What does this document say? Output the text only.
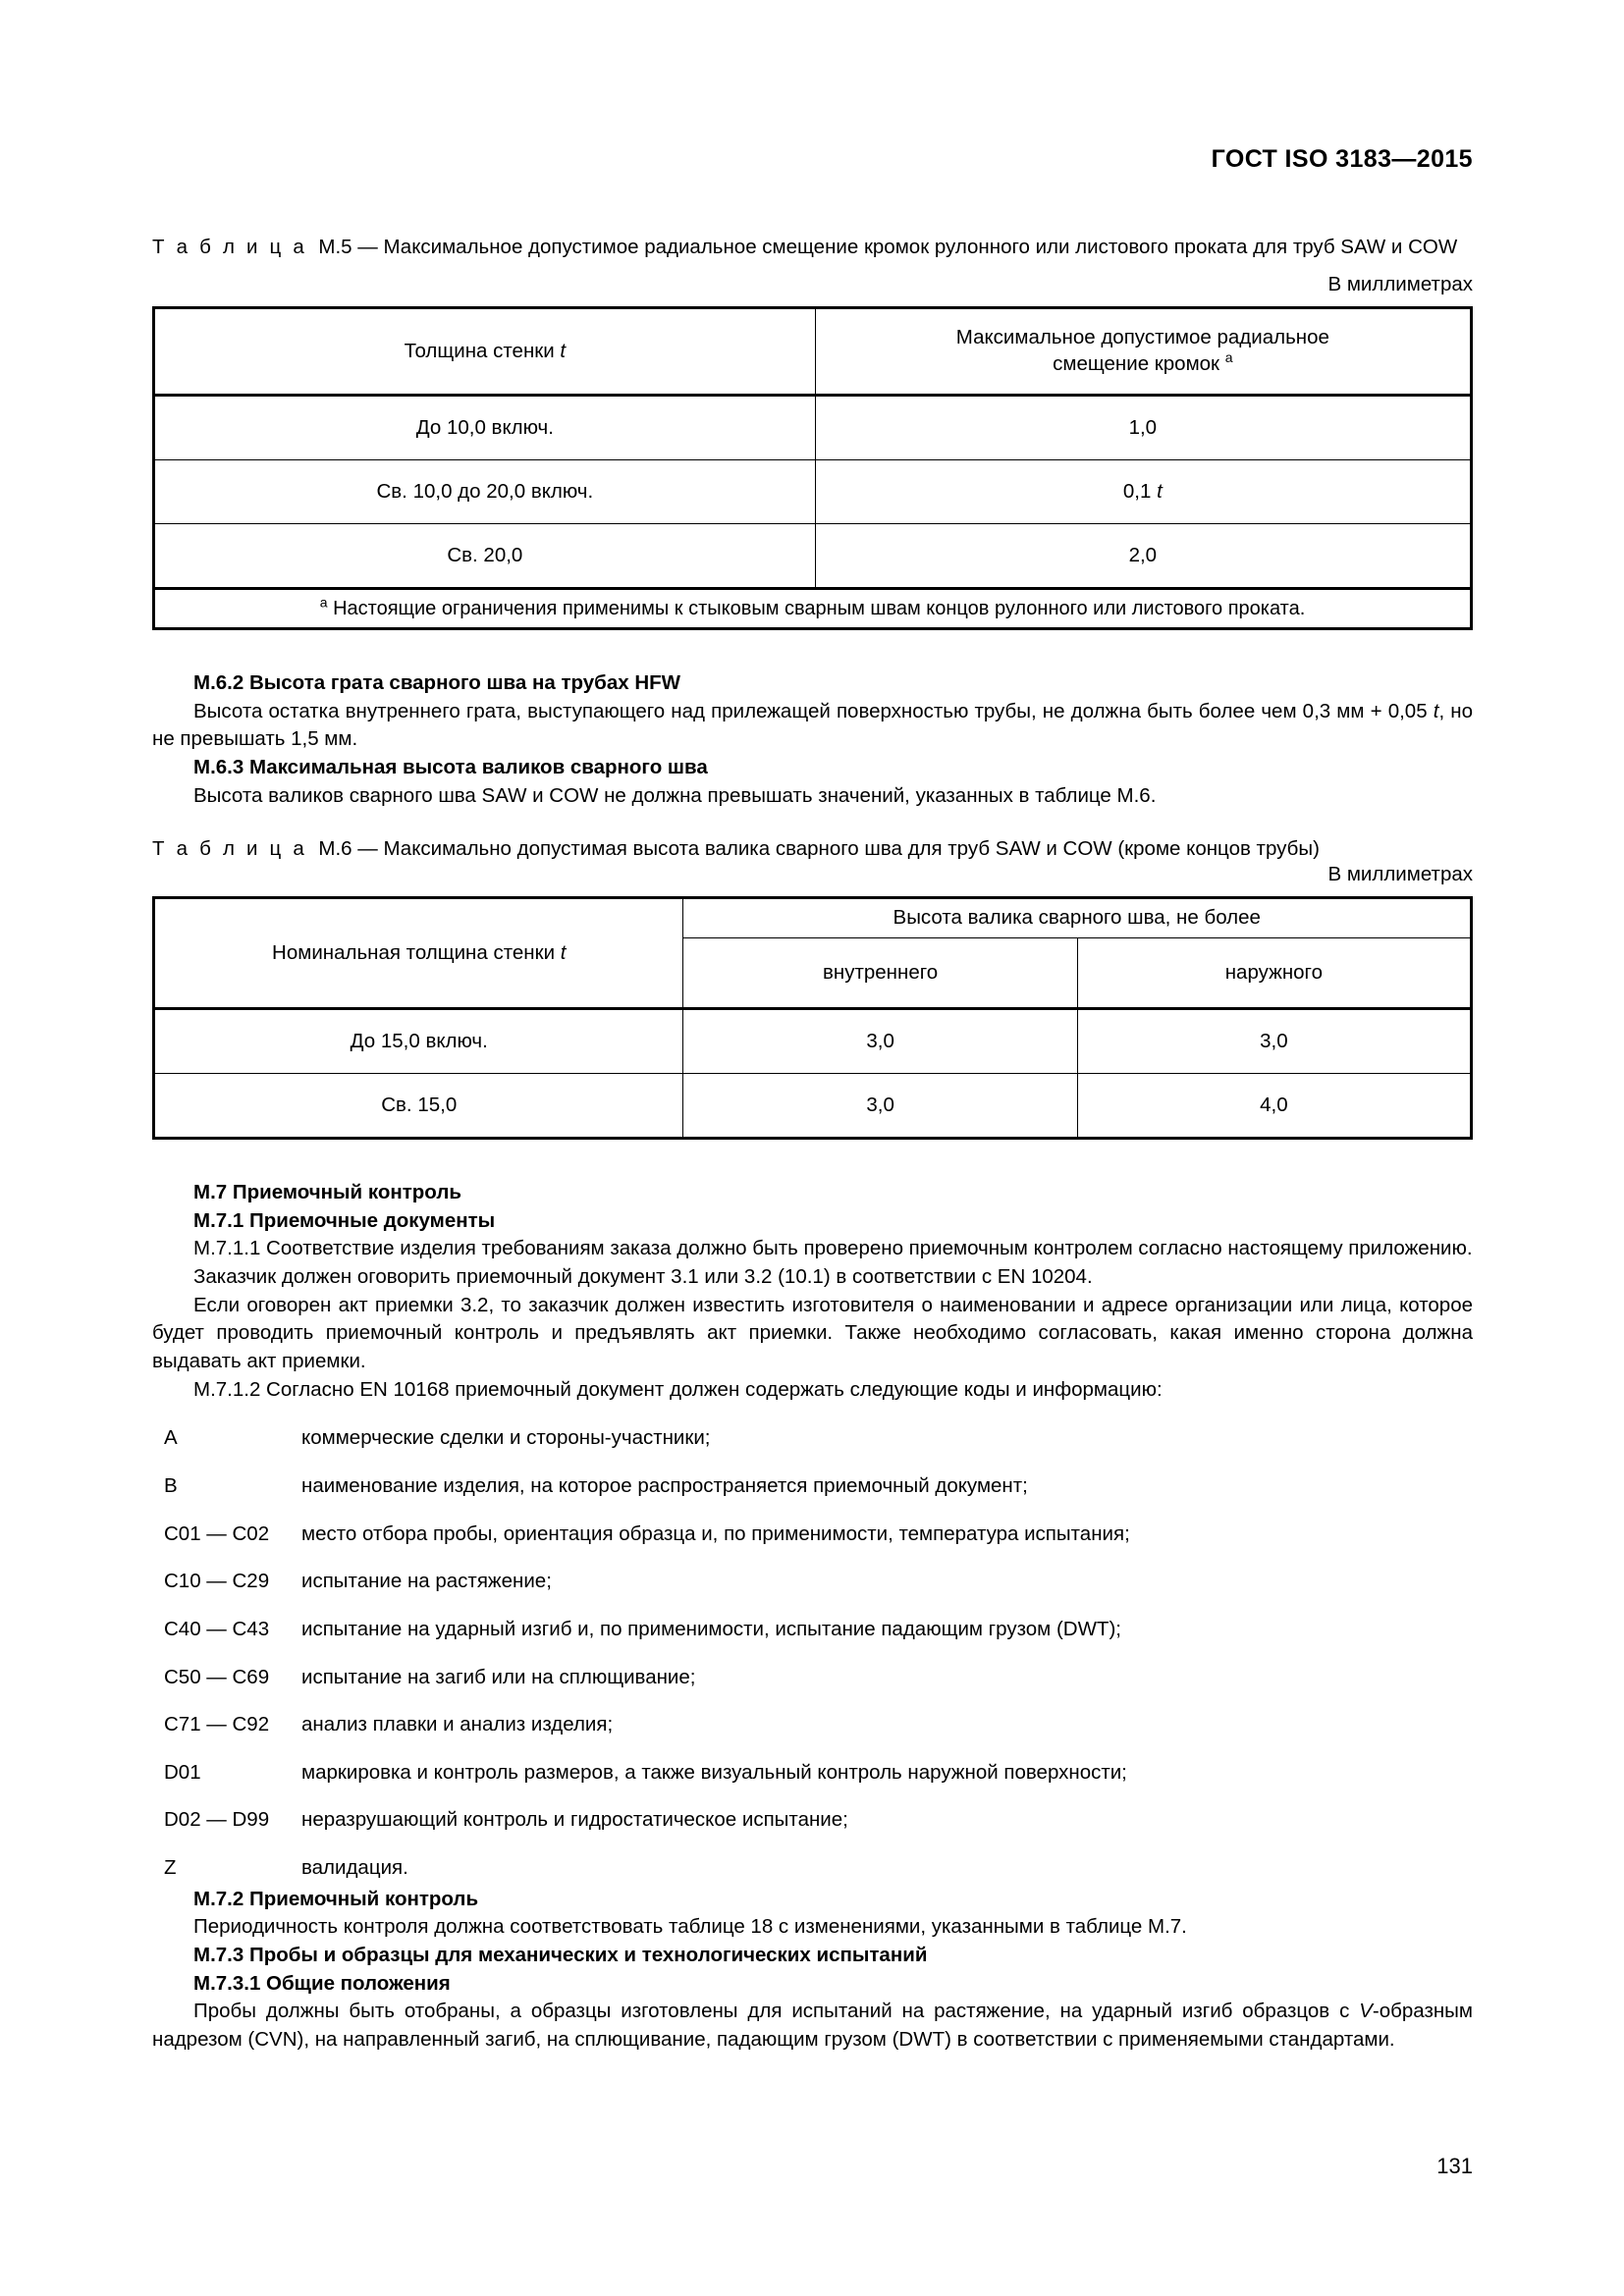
ГОСТ ISO 3183—2015

Т а б л и ц а  М.5 — Максимальное допустимое радиальное смещение кромок рулонного или листового проката для труб SAW и COW

В миллиметрах

Толщина стенки t	Максимальное допустимое радиальное
смещение кромок $^a$
До 10,0 включ.	1,0
Св. 10,0 до 20,0 включ.	0,1 t
Св. 20,0	2,0
$^a$ Настоящие ограничения применимы к стыковым сварным швам концов рулонного или листового проката.	

М.6.2 Высота грата сварного шва на трубах HFW

Высота остатка внутреннего грата, выступающего над прилежащей поверхностью трубы, не должна быть более чем 0,3 мм + 0,05 t, но не превышать 1,5 мм.

М.6.3 Максимальная высота валиков сварного шва

Высота валиков сварного шва SAW и COW не должна превышать значений, указанных в таблице М.6.

Т а б л и ц а  М.6 — Максимально допустимая высота валика сварного шва для труб SAW и COW (кроме концов трубы)

В миллиметрах

Номинальная толщина стенки t	Высота валика сварного шва, не более	
	внутреннего	наружного
До 15,0 включ.	3,0	3,0
Св. 15,0	3,0	4,0

М.7 Приемочный контроль

М.7.1 Приемочные документы

М.7.1.1 Соответствие изделия требованиям заказа должно быть проверено приемочным контролем согласно настоящему приложению.

Заказчик должен оговорить приемочный документ 3.1 или 3.2 (10.1) в соответствии с EN 10204.

Если оговорен акт приемки 3.2, то заказчик должен известить изготовителя о наименовании и адресе организации или лица, которое будет проводить приемочный контроль и предъявлять акт приемки. Также необходимо согласовать, какая именно сторона должна выдавать акт приемки.

М.7.1.2 Согласно EN 10168 приемочный документ должен содержать следующие коды и информацию:

A	коммерческие сделки и стороны-участники;
B	наименование изделия, на которое распространяется приемочный документ;
C01 — C02	место отбора пробы, ориентация образца и, по применимости, температура испытания;
C10 — C29	испытание на растяжение;
C40 — C43	испытание на ударный изгиб и, по применимости, испытание падающим грузом (DWT);
C50 — C69	испытание на загиб или на сплющивание;
C71 — C92	анализ плавки и анализ изделия;
D01	маркировка и контроль размеров, а также визуальный контроль наружной поверхности;
D02 — D99	неразрушающий контроль и гидростатическое испытание;
Z	валидация.

М.7.2 Приемочный контроль

Периодичность контроля должна соответствовать таблице 18 с изменениями, указанными в таблице М.7.

М.7.3 Пробы и образцы для механических и технологических испытаний

М.7.3.1 Общие положения

Пробы должны быть отобраны, а образцы изготовлены для испытаний на растяжение, на ударный изгиб образцов с V-образным надрезом (CVN), на направленный загиб, на сплющивание, падающим грузом (DWT) в соответствии с применяемыми стандартами.

131
